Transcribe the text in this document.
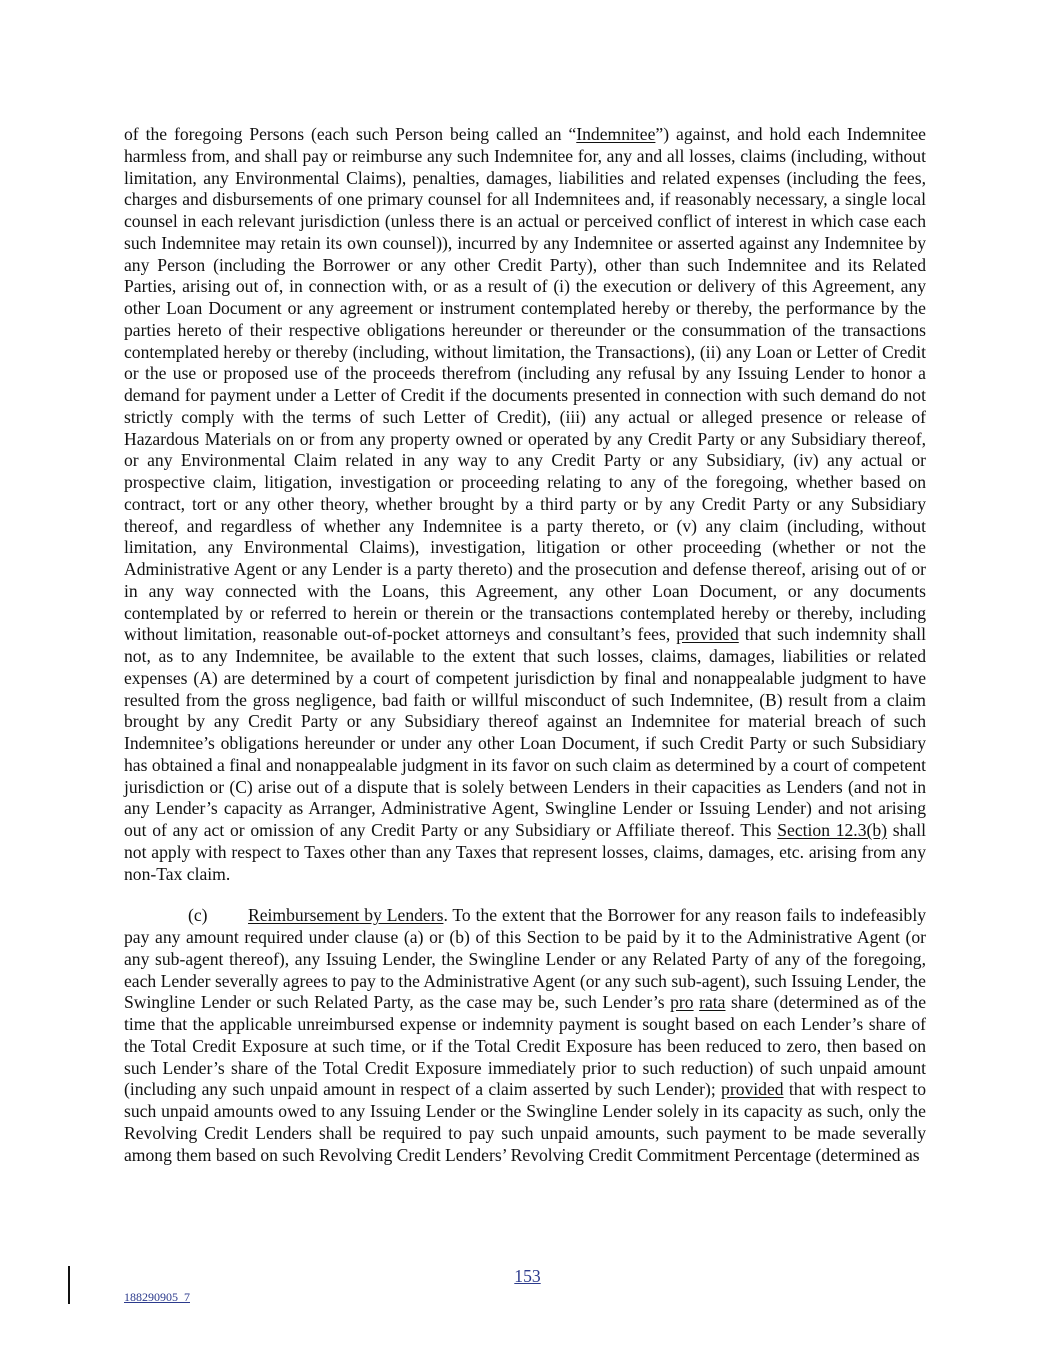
of the foregoing Persons (each such Person being called an “Indemnitee”) against, and hold each Indemnitee harmless from, and shall pay or reimburse any such Indemnitee for, any and all losses, claims (including, without limitation, any Environmental Claims), penalties, damages, liabilities and related expenses (including the fees, charges and disbursements of one primary counsel for all Indemnitees and, if reasonably necessary, a single local counsel in each relevant jurisdiction (unless there is an actual or perceived conflict of interest in which case each such Indemnitee may retain its own counsel)), incurred by any Indemnitee or asserted against any Indemnitee by any Person (including the Borrower or any other Credit Party), other than such Indemnitee and its Related Parties, arising out of, in connection with, or as a result of (i) the execution or delivery of this Agreement, any other Loan Document or any agreement or instrument contemplated hereby or thereby, the performance by the parties hereto of their respective obligations hereunder or thereunder or the consummation of the transactions contemplated hereby or thereby (including, without limitation, the Transactions), (ii) any Loan or Letter of Credit or the use or proposed use of the proceeds therefrom (including any refusal by any Issuing Lender to honor a demand for payment under a Letter of Credit if the documents presented in connection with such demand do not strictly comply with the terms of such Letter of Credit), (iii) any actual or alleged presence or release of Hazardous Materials on or from any property owned or operated by any Credit Party or any Subsidiary thereof, or any Environmental Claim related in any way to any Credit Party or any Subsidiary, (iv) any actual or prospective claim, litigation, investigation or proceeding relating to any of the foregoing, whether based on contract, tort or any other theory, whether brought by a third party or by any Credit Party or any Subsidiary thereof, and regardless of whether any Indemnitee is a party thereto, or (v) any claim (including, without limitation, any Environmental Claims), investigation, litigation or other proceeding (whether or not the Administrative Agent or any Lender is a party thereto) and the prosecution and defense thereof, arising out of or in any way connected with the Loans, this Agreement, any other Loan Document, or any documents contemplated by or referred to herein or therein or the transactions contemplated hereby or thereby, including without limitation, reasonable out-of-pocket attorneys and consultant’s fees, provided that such indemnity shall not, as to any Indemnitee, be available to the extent that such losses, claims, damages, liabilities or related expenses (A) are determined by a court of competent jurisdiction by final and nonappealable judgment to have resulted from the gross negligence, bad faith or willful misconduct of such Indemnitee, (B) result from a claim brought by any Credit Party or any Subsidiary thereof against an Indemnitee for material breach of such Indemnitee’s obligations hereunder or under any other Loan Document, if such Credit Party or such Subsidiary has obtained a final and nonappealable judgment in its favor on such claim as determined by a court of competent jurisdiction or (C) arise out of a dispute that is solely between Lenders in their capacities as Lenders (and not in any Lender’s capacity as Arranger, Administrative Agent, Swingline Lender or Issuing Lender) and not arising out of any act or omission of any Credit Party or any Subsidiary or Affiliate thereof. This Section 12.3(b) shall not apply with respect to Taxes other than any Taxes that represent losses, claims, damages, etc. arising from any non-Tax claim.

(c) Reimbursement by Lenders. To the extent that the Borrower for any reason fails to indefeasibly pay any amount required under clause (a) or (b) of this Section to be paid by it to the Administrative Agent (or any sub-agent thereof), any Issuing Lender, the Swingline Lender or any Related Party of any of the foregoing, each Lender severally agrees to pay to the Administrative Agent (or any such sub-agent), such Issuing Lender, the Swingline Lender or such Related Party, as the case may be, such Lender’s pro rata share (determined as of the time that the applicable unreimbursed expense or indemnity payment is sought based on each Lender’s share of the Total Credit Exposure at such time, or if the Total Credit Exposure has been reduced to zero, then based on such Lender’s share of the Total Credit Exposure immediately prior to such reduction) of such unpaid amount (including any such unpaid amount in respect of a claim asserted by such Lender); provided that with respect to such unpaid amounts owed to any Issuing Lender or the Swingline Lender solely in its capacity as such, only the Revolving Credit Lenders shall be required to pay such unpaid amounts, such payment to be made severally among them based on such Revolving Credit Lenders’ Revolving Credit Commitment Percentage (determined as

153
188290905_7
